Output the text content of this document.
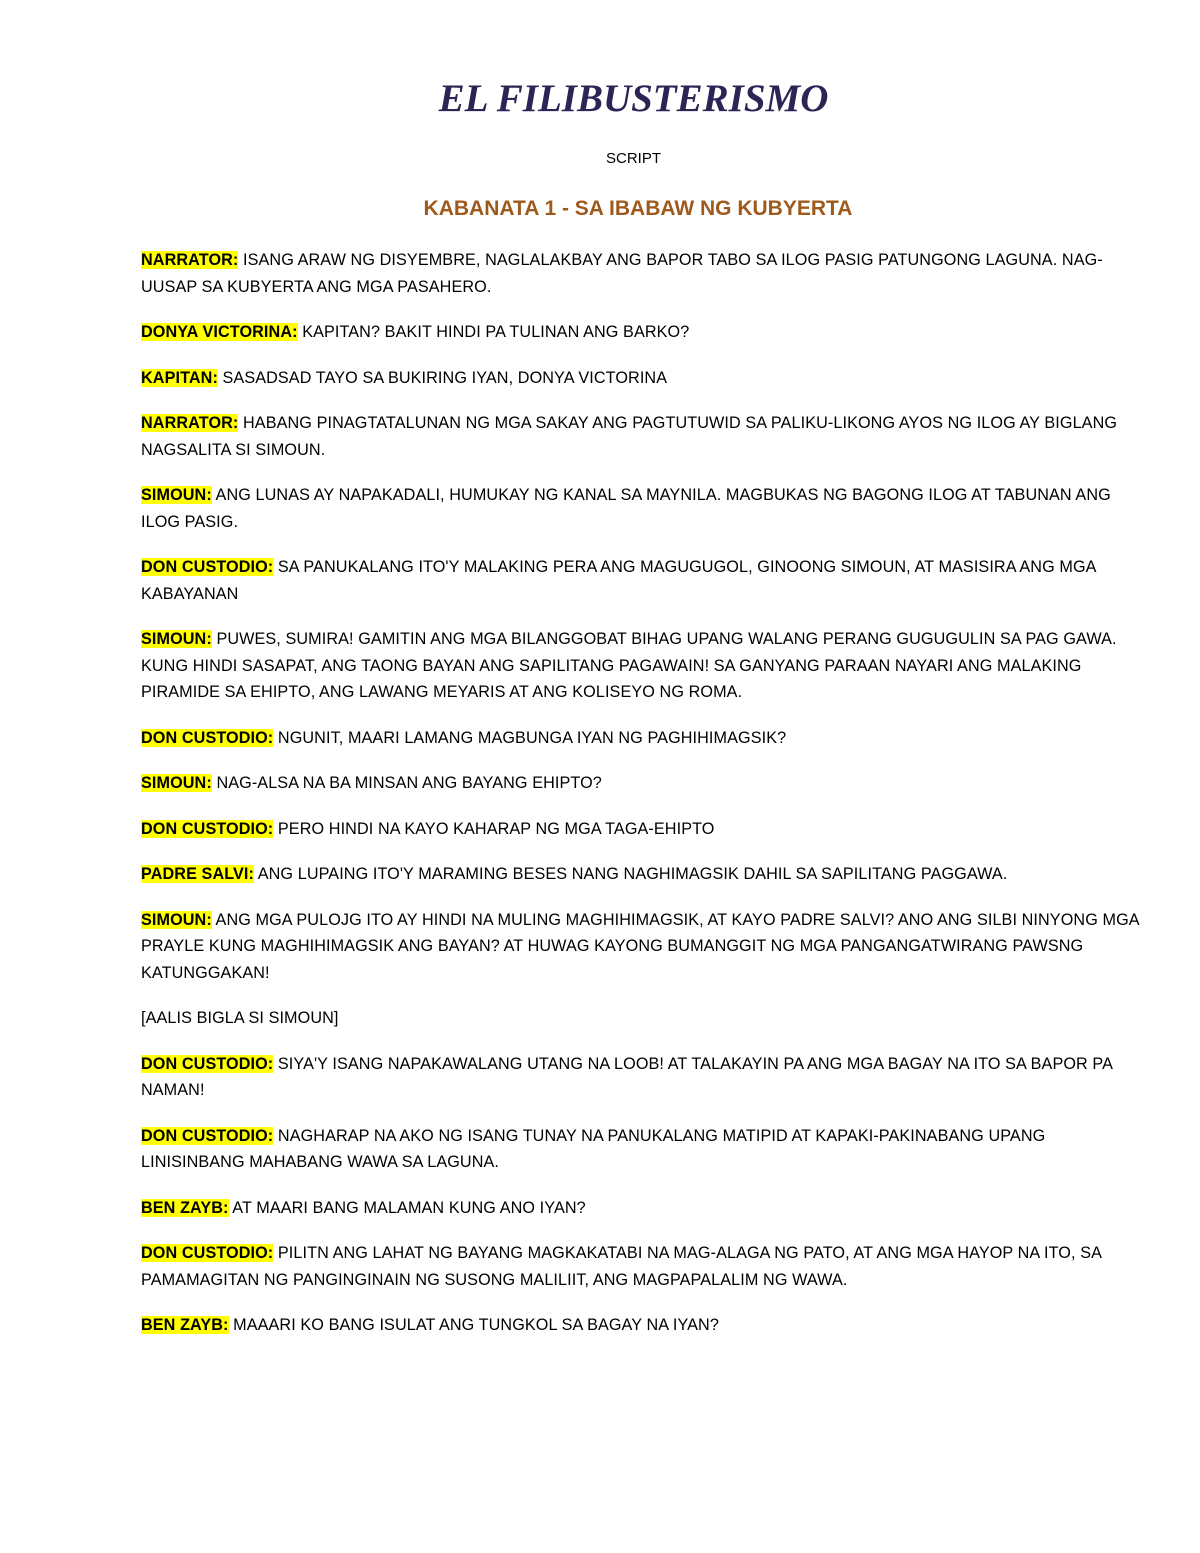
EL FILIBUSTERISMO
SCRIPT
KABANATA 1 - SA IBABAW NG KUBYERTA

NARRATOR: ISANG ARAW NG DISYEMBRE, NAGLALAKBAY ANG BAPOR TABO SA ILOG PASIG PATUNGONG LAGUNA. NAG-UUSAP SA KUBYERTA ANG MGA PASAHERO.

DONYA VICTORINA: KAPITAN? BAKIT HINDI PA TULINAN ANG BARKO?

KAPITAN: SASADSAD TAYO SA BUKIRING IYAN, DONYA VICTORINA

NARRATOR: HABANG PINAGTATALUNAN NG MGA SAKAY ANG PAGTUTUWID SA PALIKU-LIKONG AYOS NG ILOG AY BIGLANG NAGSALITA SI SIMOUN.

SIMOUN: ANG LUNAS AY NAPAKADALI, HUMUKAY NG KANAL SA MAYNILA. MAGBUKAS NG BAGONG ILOG AT TABUNAN ANG ILOG PASIG.

DON CUSTODIO: SA PANUKALANG ITO'Y MALAKING PERA ANG MAGUGUGOL, GINOONG SIMOUN, AT MASISIRA ANG MGA KABAYANAN

SIMOUN: PUWES, SUMIRA! GAMITIN ANG MGA BILANGGOBAT BIHAG UPANG WALANG PERANG GUGUGULIN SA PAG GAWA. KUNG HINDI SASAPAT, ANG TAONG BAYAN ANG SAPILITANG PAGAWAIN! SA GANYANG PARAAN NAYARI ANG MALAKING PIRAMIDE SA EHIPTO, ANG LAWANG MEYARIS AT ANG KOLISEYO NG ROMA.

DON CUSTODIO: NGUNIT, MAARI LAMANG MAGBUNGA IYAN NG PAGHIHIMAGSIK?

SIMOUN: NAG-ALSA NA BA MINSAN ANG BAYANG EHIPTO?

DON CUSTODIO: PERO HINDI NA KAYO KAHARAP NG MGA TAGA-EHIPTO

PADRE SALVI: ANG LUPAING ITO'Y MARAMING BESES NANG NAGHIMAGSIK DAHIL SA SAPILITANG PAGGAWA.

SIMOUN: ANG MGA PULOJG ITO AY HINDI NA MULING MAGHIHIMAGSIK, AT KAYO PADRE SALVI? ANO ANG SILBI NINYONG MGA PRAYLE KUNG MAGHIHIMAGSIK ANG BAYAN? AT HUWAG KAYONG BUMANGGIT NG MGA PANGANGATWIRANG PAWSNG KATUNGGAKAN!

[AALIS BIGLA SI SIMOUN]

DON CUSTODIO: SIYA'Y ISANG NAPAKAWALANG UTANG NA LOOB! AT TALAKAYIN PA ANG MGA BAGAY NA ITO SA BAPOR PA NAMAN!

DON CUSTODIO: NAGHARAP NA AKO NG ISANG TUNAY NA PANUKALANG MATIPID AT KAPAKI-PAKINABANG UPANG LINISINBANG MAHABANG WAWA SA LAGUNA.

BEN ZAYB: AT MAARI BANG MALAMAN KUNG ANO IYAN?

DON CUSTODIO: PILITN ANG LAHAT NG BAYANG MAGKAKATABI NA MAG-ALAGA NG PATO, AT ANG MGA HAYOP NA ITO, SA PAMAMAGITAN NG PANGINGINAIN NG SUSONG MALILIIT, ANG MAGPAPALALIM NG WAWA.

BEN ZAYB: MAAARI KO BANG ISULAT ANG TUNGKOL SA BAGAY NA IYAN?
